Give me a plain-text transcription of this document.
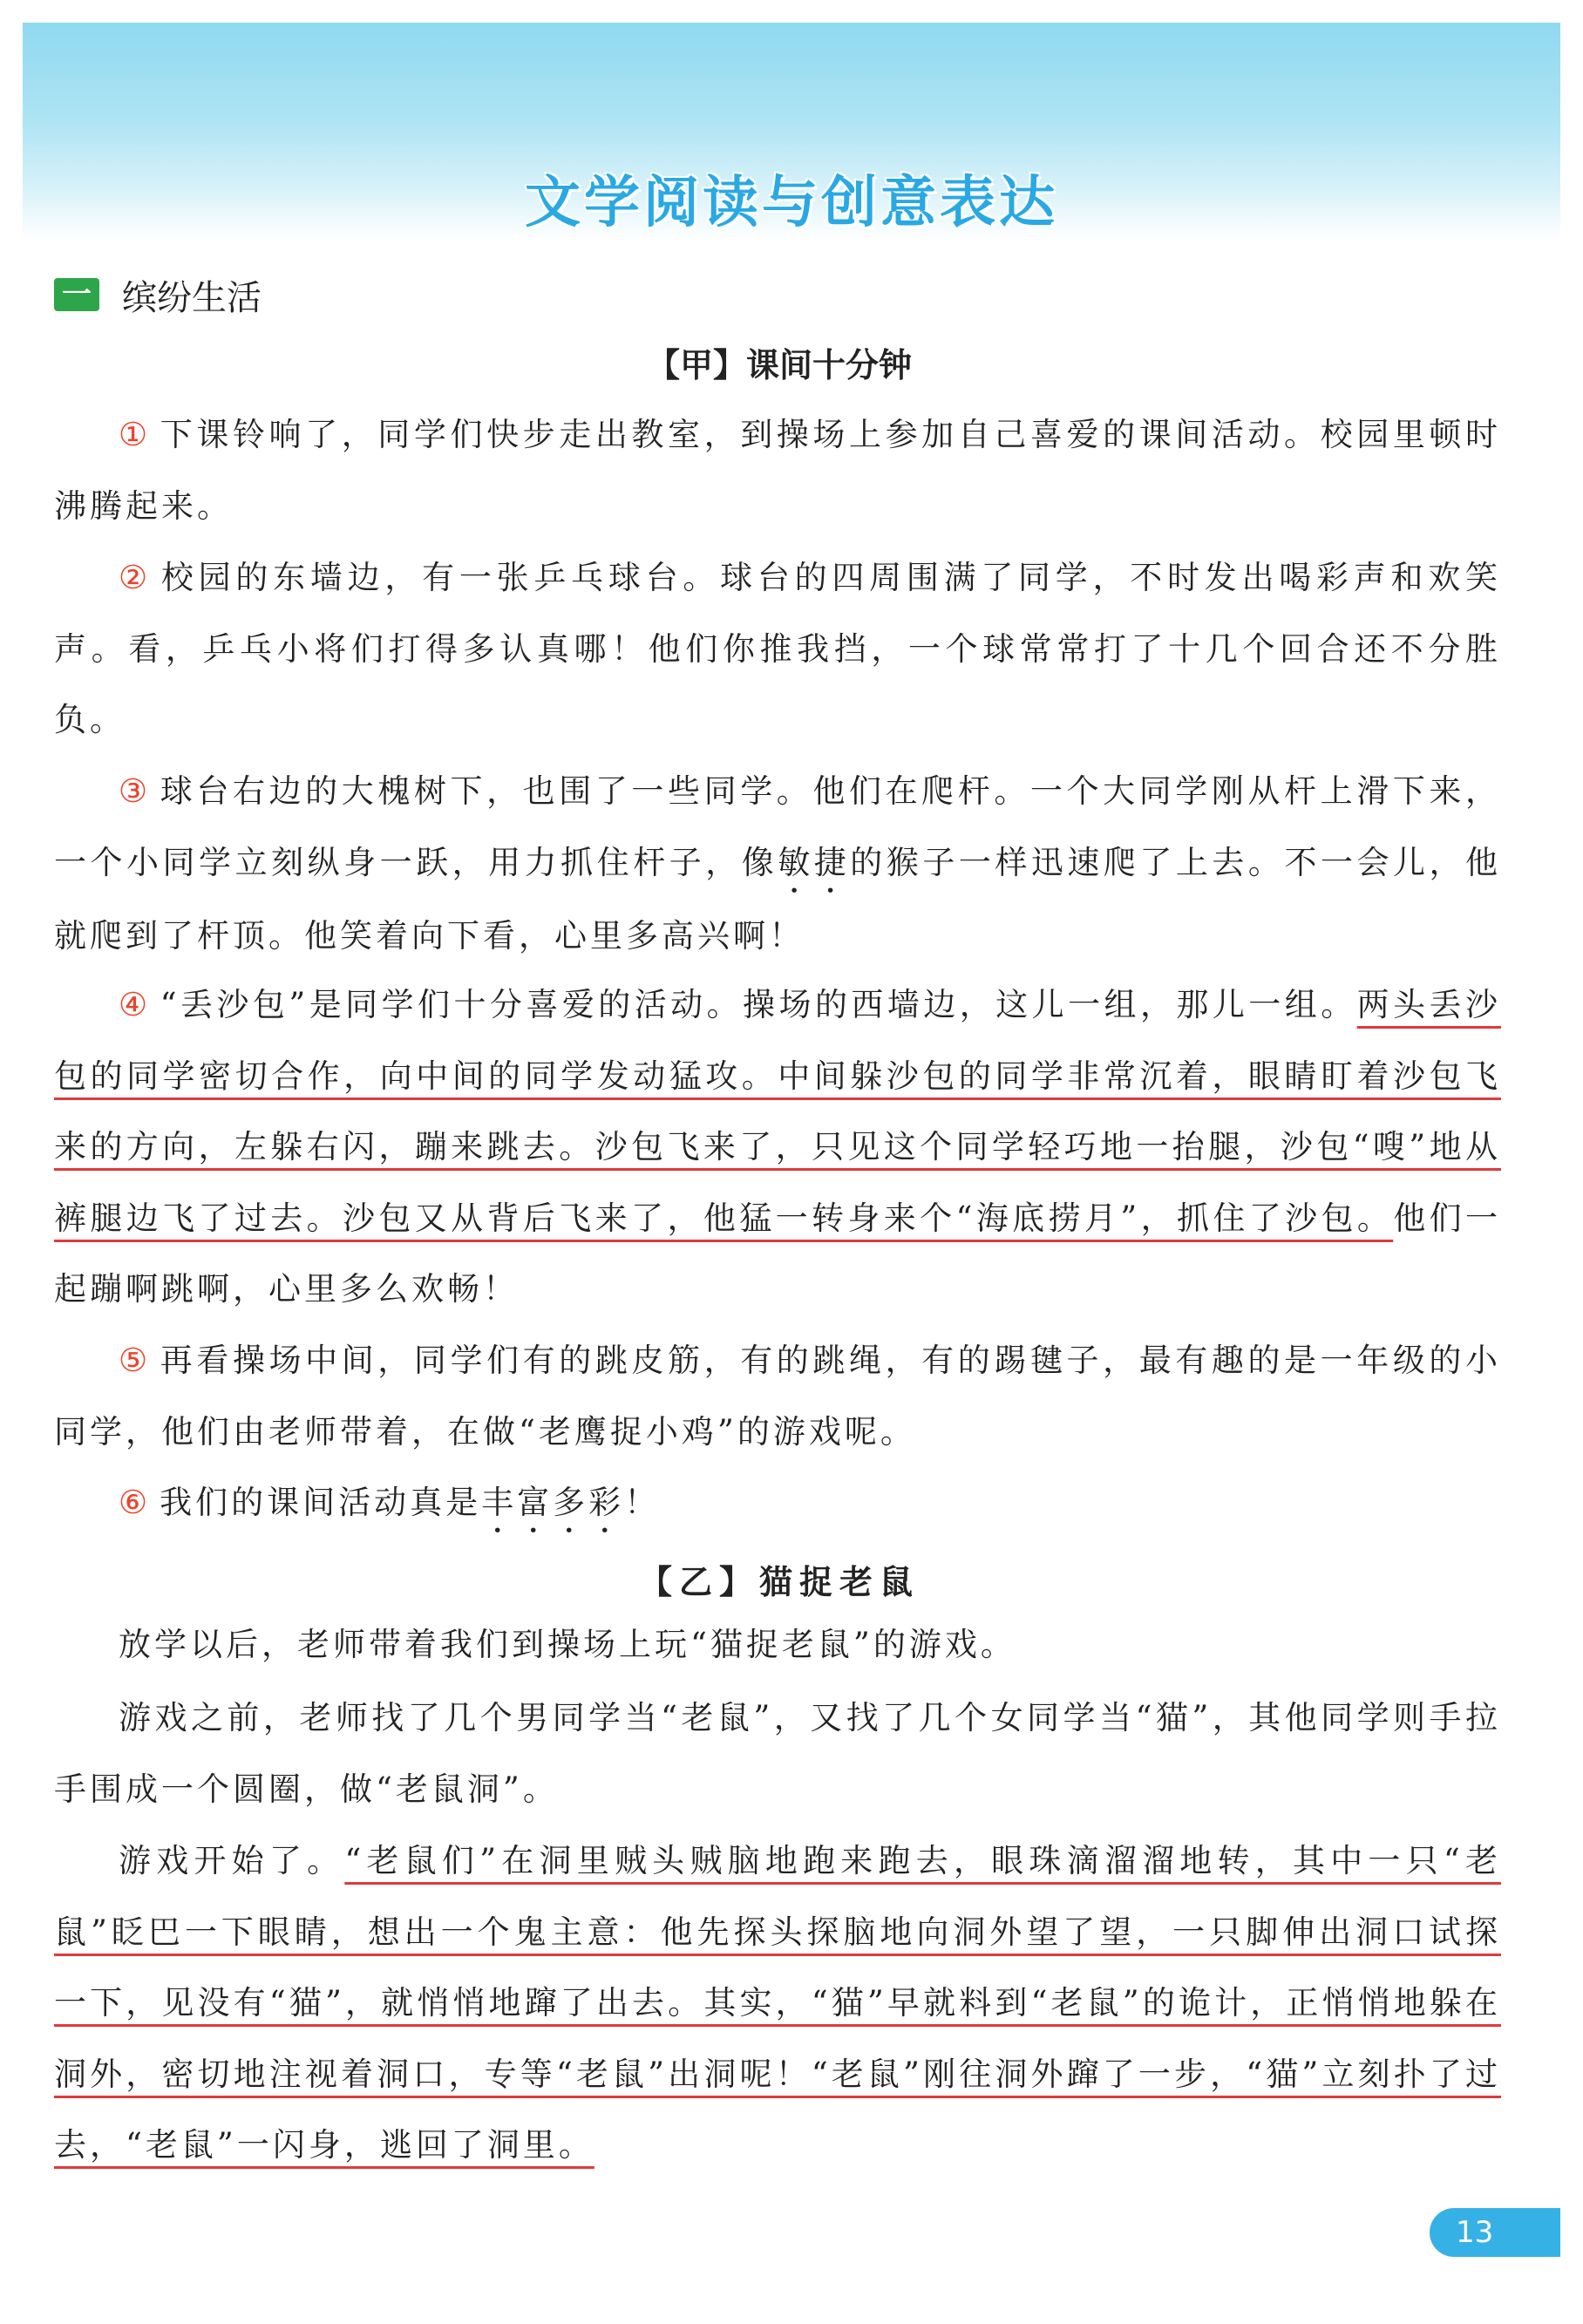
文学阅读与创意表达
一 缤纷生活
【甲】课间十分钟

① 下课铃响了，同学们快步走出教室，到操场上参加自己喜爱的课间活动。校园里顿时沸腾起来。

② 校园的东墙边，有一张乒乓球台。球台的四周围满了同学，不时发出喝彩声和欢笑声。看，乒乓小将们打得多认真哪！他们你推我挡，一个球常常打了十几个回合还不分胜负。

③ 球台右边的大槐树下，也围了一些同学。他们在爬杆。一个大同学刚从杆上滑下来，一个小同学立刻纵身一跃，用力抓住杆子，像敏捷的猴子一样迅速爬了上去。不一会儿，他就爬到了杆顶。他笑着向下看，心里多高兴啊！

④ “丢沙包”是同学们十分喜爱的活动。操场的西墙边，这儿一组，那儿一组。两头丢沙包的同学密切合作，向中间的同学发动猛攻。中间躲沙包的同学非常沉着，眼睛盯着沙包飞来的方向，左躲右闪，蹦来跳去。沙包飞来了，只见这个同学轻巧地一抬腿，沙包“嗖”地从裤腿边飞了过去。沙包又从背后飞来了，他猛一转身来个“海底捞月”，抓住了沙包。他们一起蹦啊跳啊，心里多么欢畅！

⑤ 再看操场中间，同学们有的跳皮筋，有的跳绳，有的踢毽子，最有趣的是一年级的小同学，他们由老师带着，在做“老鹰捉小鸡”的游戏呢。

⑥ 我们的课间活动真是丰富多彩！

【乙】猫捉老鼠

放学以后，老师带着我们到操场上玩“猫捉老鼠”的游戏。

游戏之前，老师找了几个男同学当“老鼠”，又找了几个女同学当“猫”，其他同学则手拉手围成一个圆圈，做“老鼠洞”。

游戏开始了。“老鼠们”在洞里贼头贼脑地跑来跑去，眼珠滴溜溜地转，其中一只“老鼠”眨巴一下眼睛，想出一个鬼主意：他先探头探脑地向洞外望了望，一只脚伸出洞口试探一下，见没有“猫”，就悄悄地蹿了出去。其实，“猫”早就料到“老鼠”的诡计，正悄悄地躲在洞外，密切地注视着洞口，专等“老鼠”出洞呢！“老鼠”刚往洞外蹿了一步，“猫”立刻扑了过去，“老鼠”一闪身，逃回了洞里。

13
